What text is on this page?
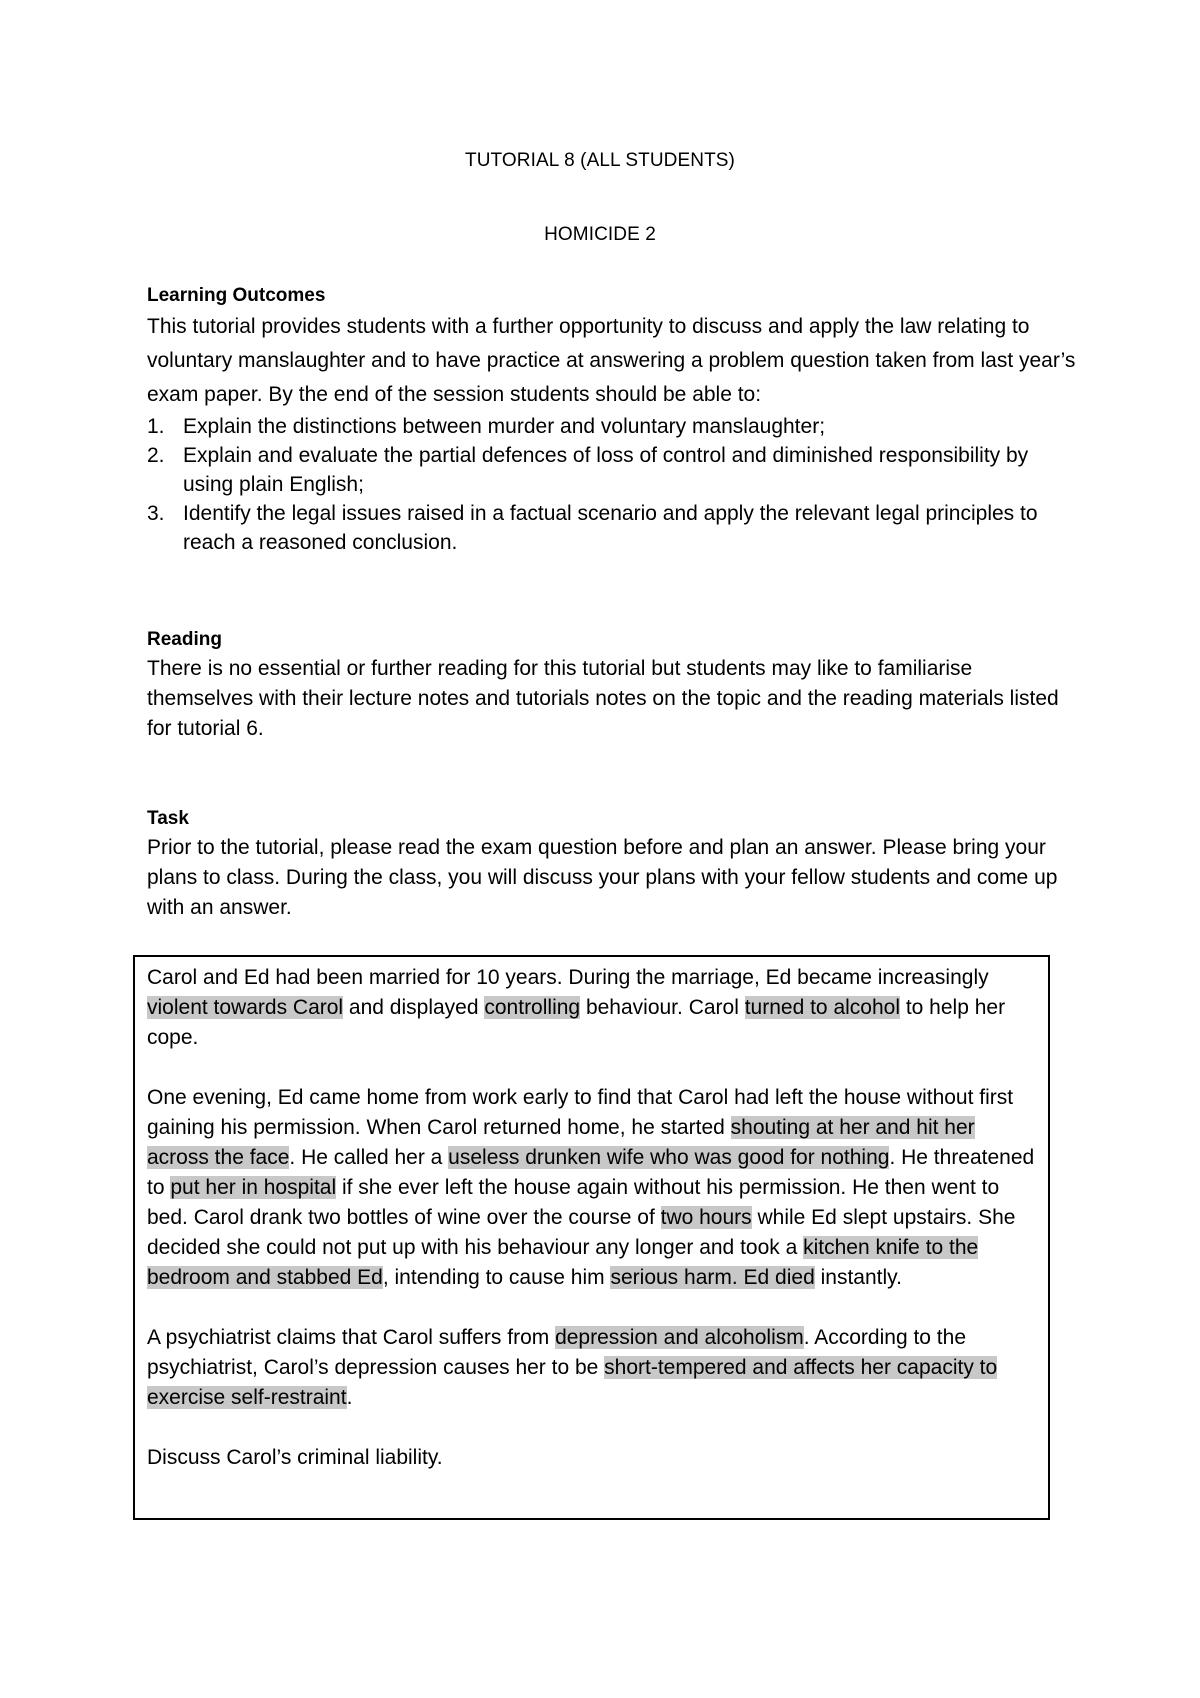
TUTORIAL 8 (ALL STUDENTS)
HOMICIDE 2
Learning Outcomes
This tutorial provides students with a further opportunity to discuss and apply the law relating to voluntary manslaughter and to have practice at answering a problem question taken from last year’s exam paper. By the end of the session students should be able to:
1. Explain the distinctions between murder and voluntary manslaughter;
2. Explain and evaluate the partial defences of loss of control and diminished responsibility by using plain English;
3. Identify the legal issues raised in a factual scenario and apply the relevant legal principles to reach a reasoned conclusion.
Reading
There is no essential or further reading for this tutorial but students may like to familiarise themselves with their lecture notes and tutorials notes on the topic and the reading materials listed for tutorial 6.
Task
Prior to the tutorial, please read the exam question before and plan an answer. Please bring your plans to class. During the class, you will discuss your plans with your fellow students and come up with an answer.

Carol and Ed had been married for 10 years. During the marriage, Ed became increasingly violent towards Carol and displayed controlling behaviour. Carol turned to alcohol to help her cope.

One evening, Ed came home from work early to find that Carol had left the house without first gaining his permission. When Carol returned home, he started shouting at her and hit her across the face. He called her a useless drunken wife who was good for nothing. He threatened to put her in hospital if she ever left the house again without his permission. He then went to bed. Carol drank two bottles of wine over the course of two hours while Ed slept upstairs. She decided she could not put up with his behaviour any longer and took a kitchen knife to the bedroom and stabbed Ed, intending to cause him serious harm. Ed died instantly.

A psychiatrist claims that Carol suffers from depression and alcoholism. According to the psychiatrist, Carol’s depression causes her to be short-tempered and affects her capacity to exercise self-restraint.

Discuss Carol’s criminal liability.
